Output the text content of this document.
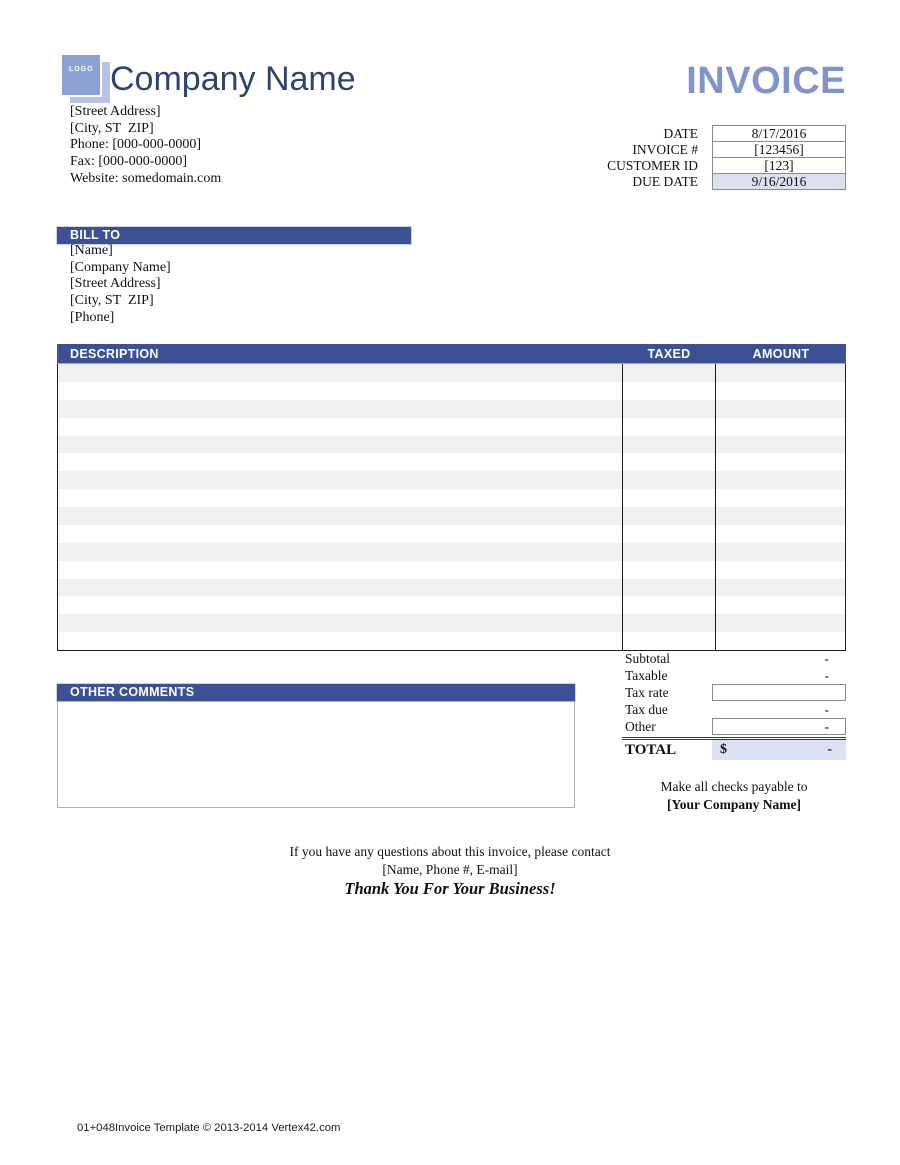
LOGO Company Name	INVOICE
[Street Address]
[City, ST  ZIP]
Phone: [000-000-0000]
Fax: [000-000-0000]
Website: somedomain.com
DATE	8/17/2016
INVOICE #	[123456]
CUSTOMER ID	[123]
DUE DATE	9/16/2016
BILL TO
[Name]
[Company Name]
[Street Address]
[City, ST  ZIP]
[Phone]
DESCRIPTION	TAXED	AMOUNT
Subtotal	-
Taxable	-
Tax rate
Tax due	-
Other	-
TOTAL	$	-
OTHER COMMENTS
Make all checks payable to
[Your Company Name]
If you have any questions about this invoice, please contact
[Name, Phone #, E-mail]
Thank You For Your Business!
01+048Invoice Template © 2013-2014 Vertex42.com
